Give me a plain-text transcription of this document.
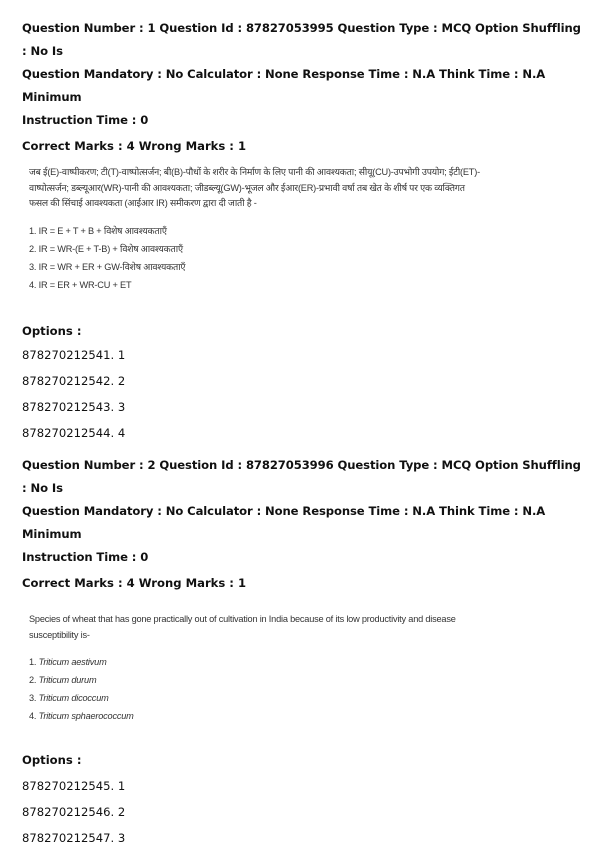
Question Number : 1 Question Id : 87827053995 Question Type : MCQ Option Shuffling : No Is
Question Mandatory : No Calculator : None Response Time : N.A Think Time : N.A Minimum
Instruction Time : 0
Correct Marks : 4 Wrong Marks : 1
जब ई(E)-वाष्पीकरण; टी(T)-वाष्पोत्सर्जन; बी(B)-पौधों के शरीर के निर्माण के लिए पानी की आवश्यकता; सीयू(CU)-उपभोगी उपयोग; ईटी(ET)-
वाष्पोत्सर्जन; डब्ल्यूआर(WR)-पानी की आवश्यकता; जीडब्ल्यू(GW)-भूजल और ईआर(ER)-प्रभावी वर्षा तब खेत के शीर्ष पर एक व्यक्तिगत
फसल की सिंचाई आवश्यकता (आईआर IR) समीकरण द्वारा दी जाती है -
1. IR = E + T + B + विशेष आवश्यकताएँ
2. IR = WR-(E + T-B) + विशेष आवश्यकताएँ
3. IR = WR + ER + GW-विशेष आवश्यकताएँ
4. IR = ER + WR-CU + ET
Options :
878270212541. 1
878270212542. 2
878270212543. 3
878270212544. 4
Question Number : 2 Question Id : 87827053996 Question Type : MCQ Option Shuffling : No Is
Question Mandatory : No Calculator : None Response Time : N.A Think Time : N.A Minimum
Instruction Time : 0
Correct Marks : 4 Wrong Marks : 1
Species of wheat that has gone practically out of cultivation in India because of its low productivity and disease
susceptibility is-
1. Triticum aestivum
2. Triticum durum
3. Triticum dicoccum
4. Triticum sphaerococcum
Options :
878270212545. 1
878270212546. 2
878270212547. 3
